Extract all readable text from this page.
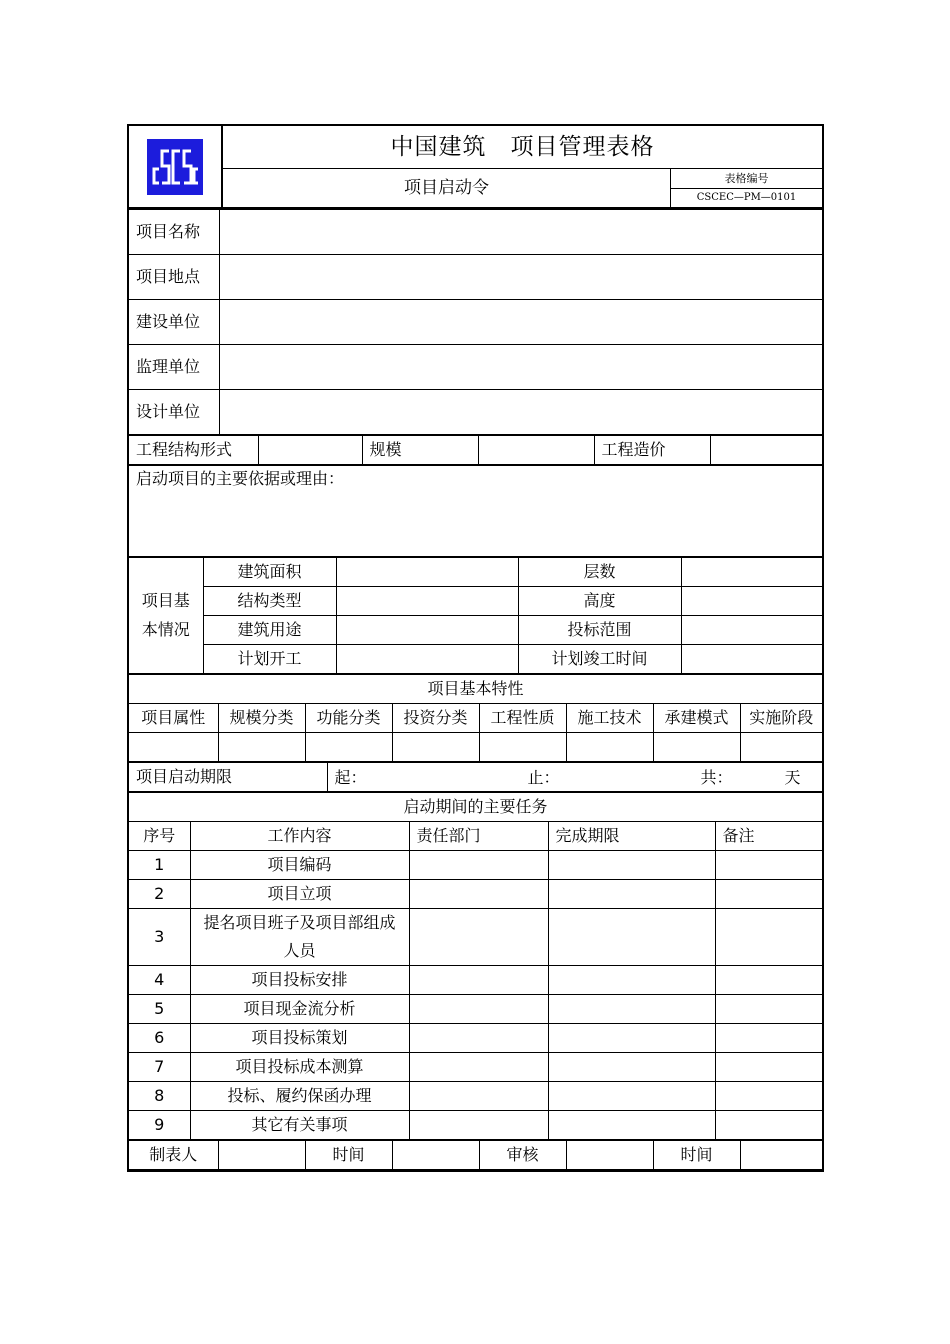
中国建筑　项目管理表格
项目启动令	表格编号
CSCEC—PM—0101
项目名称	
项目地点	
建设单位	
监理单位	
设计单位	
工程结构形式		规模		工程造价	
启动项目的主要依据或理由：
项目基
本情况	建筑面积		层数	
	结构类型		高度	
	建筑用途		投标范围	
	计划开工		计划竣工时间	
项目基本特性							
项目属性	规模分类	功能分类	投资分类	工程性质	施工技术	承建模式	实施阶段

项目启动期限	起：	止：	共：	天
启动期间的主要任务				
序号	工作内容	责任部门	完成期限	备注
1	项目编码			
2	项目立项			
3	提名项目班子及项目部组成人员			
4	项目投标安排			
5	项目现金流分析			
6	项目投标策划			
7	项目投标成本测算			
8	投标、履约保函办理			
9	其它有关事项			
制表人		时间		审核		时间	
